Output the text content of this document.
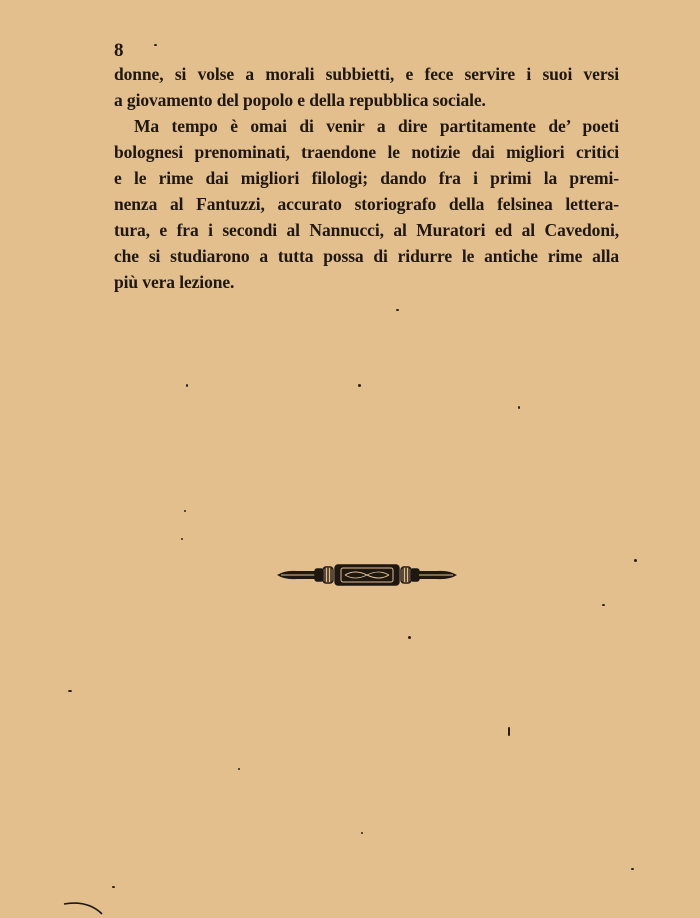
8
donne, si volse a morali subbietti, e fece servire i suoi versi
a giovamento del popolo e della repubblica sociale.
Ma tempo è omai di venir a dire partitamente de’ poeti
bolognesi prenominati, traendone le notizie dai migliori critici
e le rime dai migliori filologi; dando fra i primi la premi-
nenza al Fantuzzi, accurato storiografo della felsinea lettera-
tura, e fra i secondi al Nannucci, al Muratori ed al Cavedoni,
che si studiarono a tutta possa di ridurre le antiche rime alla
più vera lezione.
